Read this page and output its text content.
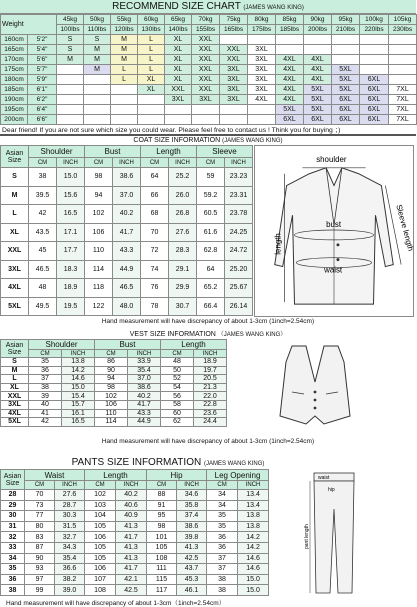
RECOMMEND SIZE CHART (JAMES WANG KING)
Weight		45kg	50kg	55kg	60kg	65kg	70kg	75kg	80kg	85kg	90kg	95kg	100kg	105kg
		100lbs	110lbs	120lbs	130lbs	140lbs	155lbs	165lbs	175lbs	185lbs	200lbs	210lbs	220lbs	230lbs
160cm	5'2"	S	S	M	L	XL	XXL							
165cm	5'4"	S	M	M	L	XL	XXL	XXL	3XL					
170cm	5'6"	M	M	M	L	XL	XXL	XXL	3XL	4XL	4XL			
175cm	5'7"		M	L	L	XL	XXL	3XL	3XL	4XL	4XL	5XL		
180cm	5'9"			L	XL	XL	XXL	3XL	3XL	4XL	4XL	5XL	6XL	
185cm	6'1"				XL	XXL	XXL	3XL	3XL	4XL	5XL	5XL	6XL	7XL
190cm	6'2"					3XL	3XL	3XL	4XL	4XL	5XL	6XL	6XL	7XL
195cm	6'4"									5XL	5XL	6XL	6XL	7XL
200cm	6'6"									6XL	6XL	6XL	6XL	7XL
Dear friend! If you are not sure which size you could wear. Please feel free to contact us ! Think you for buying ；)
COAT SIZE INFORMATION (JAMES WANG KING)
Asian Size	Shoulder		Bust		Length		Sleeve	
	CM	INCH	CM	INCH	CM	INCH	CM	INCH
S	38	15.0	98	38.6	64	25.2	59	23.23
M	39.5	15.6	94	37.0	66	26.0	59.2	23.31
L	42	16.5	102	40.2	68	26.8	60.5	23.78
XL	43.5	17.1	106	41.7	70	27.6	61.6	24.25
XXL	45	17.7	110	43.3	72	28.3	62.8	24.72
3XL	46.5	18.3	114	44.9	74	29.1	64	25.20
4XL	48	18.9	118	46.5	76	29.9	65.2	25.67
5XL	49.5	19.5	122	48.0	78	30.7	66.4	26.14
Hand measurement will have discrepancy of about 1-3cm (1inch=2.54cm)
shoulder
bust
waist
length	Sleeve length
VEST SIZE INFORMATION （JAMES WANG KING）
Asian Size	Shoulder		Bust		Length	
	CM	INCH	CM	INCH	CM	INCH
S	35	13.8	86	33.9	48	18.9
M	36	14.2	90	35.4	50	19.7
L	37	14.6	94	37.0	52	20.5
XL	38	15.0	98	38.6	54	21.3
XXL	39	15.4	102	40.2	56	22.0
3XL	40	15.7	106	41.7	58	22.8
4XL	41	16.1	110	43.3	60	23.6
5XL	42	16.5	114	44.9	62	24.4
Hand measurement will have discrepancy of about 1-3cm (1inch=2.54cm)
PANTS SIZE INFORMATION (JAMES WANG KING)
Asian Size	Waist		Length		Hip		Leg Opening	
	CM	INCH	CM	INCH	CM	INCH	CM	INCH
28	70	27.6	102	40.2	88	34.6	34	13.4
29	73	28.7	103	40.6	91	35.8	34	13.4
30	77	30.3	104	40.9	95	37.4	35	13.8
31	80	31.5	105	41.3	98	38.6	35	13.8
32	83	32.7	106	41.7	101	39.8	36	14.2
33	87	34.3	105	41.3	105	41.3	36	14.2
34	90	35.4	105	41.3	108	42.5	37	14.6
35	93	36.6	106	41.7	111	43.7	37	14.6
36	97	38.2	107	42.1	115	45.3	38	15.0
38	99	39.0	108	42.5	117	46.1	38	15.0
Hand measurement will have discrepancy of about 1-3cm（1inch=2.54cm）
waist
hip
pant length
